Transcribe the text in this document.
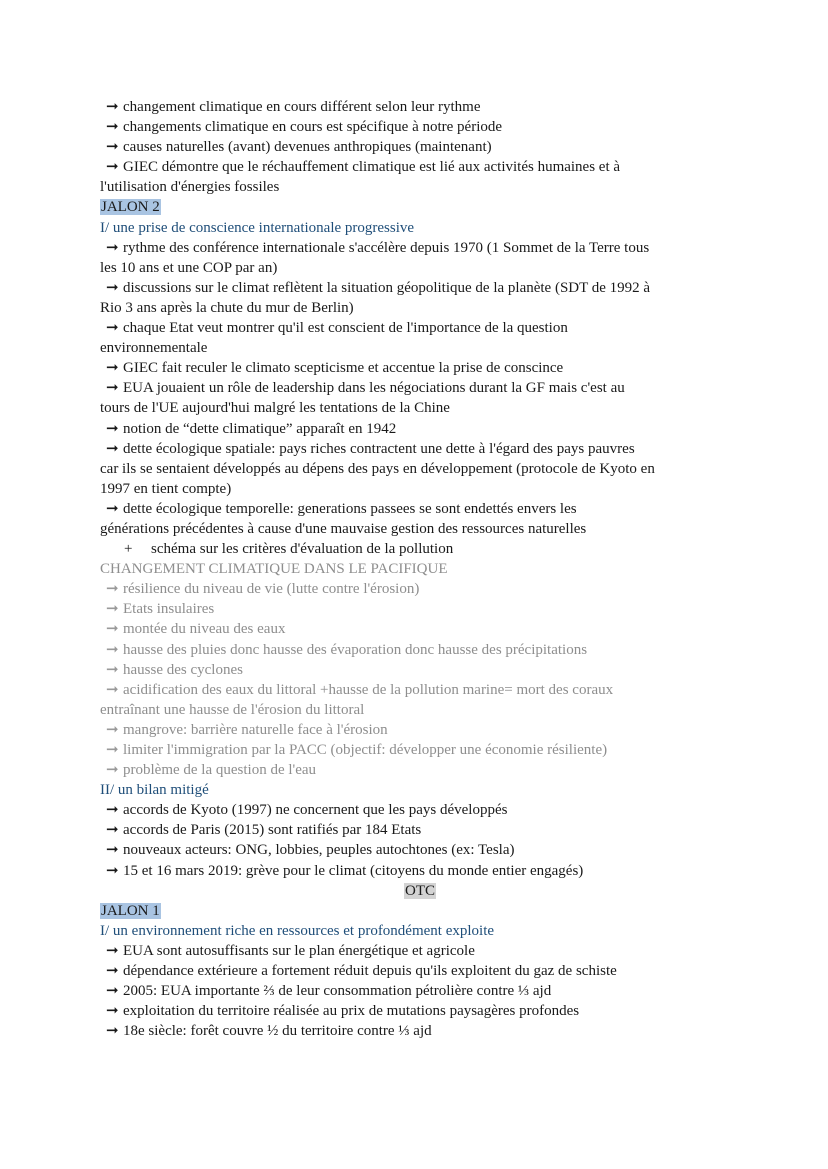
➞ changement climatique en cours différent selon leur rythme
➞ changements climatique en cours est spécifique à notre période
➞ causes naturelles (avant) devenues anthropiques (maintenant)
➞ GIEC démontre que le réchauffement climatique est lié aux activités humaines et à
l'utilisation d'énergies fossiles
JALON 2
I/ une prise de conscience internationale progressive
➞ rythme des conférence internationale s'accélère depuis 1970 (1 Sommet de la Terre tous
les 10 ans et une COP par an)
➞ discussions sur le climat reflètent la situation géopolitique de la planète (SDT de 1992 à
Rio 3 ans après la chute du mur de Berlin)
➞ chaque Etat veut montrer qu'il est conscient de l'importance de la question
environnementale
➞ GIEC fait reculer le climato scepticisme et accentue la prise de conscince
➞ EUA jouaient un rôle de leadership dans les négociations durant la GF mais c'est au
tours de l'UE aujourd'hui malgré les tentations de la Chine
➞ notion de “dette climatique” apparaît en 1942
➞ dette écologique spatiale: pays riches contractent une dette à l'égard des pays pauvres
car ils se sentaient développés au dépens des pays en développement (protocole de Kyoto en
1997 en tient compte)
➞ dette écologique temporelle: generations passees se sont endettés envers les
générations précédentes à cause d'une mauvaise gestion des ressources naturelles
+ schéma sur les critères d'évaluation de la pollution
CHANGEMENT CLIMATIQUE DANS LE PACIFIQUE
➞ résilience du niveau de vie (lutte contre l'érosion)
➞ Etats insulaires
➞ montée du niveau des eaux
➞ hausse des pluies donc hausse des évaporation donc hausse des précipitations
➞ hausse des cyclones
➞ acidification des eaux du littoral +hausse de la pollution marine= mort des coraux
entraînant une hausse de l'érosion du littoral
➞ mangrove: barrière naturelle face à l'érosion
➞ limiter l'immigration par la PACC (objectif: développer une économie résiliente)
➞ problème de la question de l'eau
II/ un bilan mitigé
➞ accords de Kyoto (1997) ne concernent que les pays développés
➞ accords de Paris (2015) sont ratifiés par 184 Etats
➞ nouveaux acteurs: ONG, lobbies, peuples autochtones (ex: Tesla)
➞ 15 et 16 mars 2019: grève pour le climat (citoyens du monde entier engagés)
OTC
JALON 1
I/ un environnement riche en ressources et profondément exploite
➞ EUA sont autosuffisants sur le plan énergétique et agricole
➞ dépendance extérieure a fortement réduit depuis qu'ils exploitent du gaz de schiste
➞ 2005: EUA importante ⅔ de leur consommation pétrolière contre ⅓ ajd
➞ exploitation du territoire réalisée au prix de mutations paysagères profondes
➞ 18e siècle: forêt couvre ½ du territoire contre ⅓ ajd
